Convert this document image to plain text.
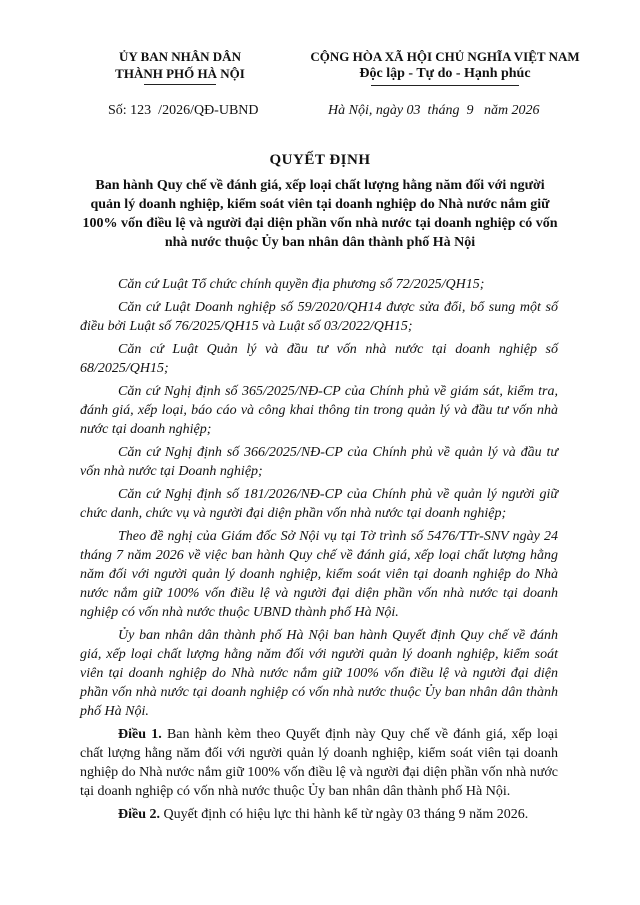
ỦY BAN NHÂN DÂN
THÀNH PHỐ HÀ NỘI
CỘNG HÒA XÃ HỘI CHỦ NGHĨA VIỆT NAM
Độc lập - Tự do - Hạnh phúc
Số: 123  /2026/QĐ-UBND	Hà Nội, ngày 03  tháng  9   năm 2026
QUYẾT ĐỊNH
Ban hành Quy chế về đánh giá, xếp loại chất lượng hằng năm đối với người quản lý doanh nghiệp, kiểm soát viên tại doanh nghiệp do Nhà nước nắm giữ 100% vốn điều lệ và người đại diện phần vốn nhà nước tại doanh nghiệp có vốn nhà nước thuộc Ủy ban nhân dân thành phố Hà Nội

Căn cứ Luật Tổ chức chính quyền địa phương số 72/2025/QH15;

Căn cứ Luật Doanh nghiệp số 59/2020/QH14 được sửa đổi, bổ sung một số điều bởi Luật số 76/2025/QH15 và Luật số 03/2022/QH15;

Căn cứ Luật Quản lý và đầu tư vốn nhà nước tại doanh nghiệp số 68/2025/QH15;

Căn cứ Nghị định số 365/2025/NĐ-CP của Chính phủ về giám sát, kiểm tra, đánh giá, xếp loại, báo cáo và công khai thông tin trong quản lý và đầu tư vốn nhà nước tại doanh nghiệp;

Căn cứ Nghị định số 366/2025/NĐ-CP của Chính phủ về quản lý và đầu tư vốn nhà nước tại Doanh nghiệp;

Căn cứ Nghị định số 181/2026/NĐ-CP của Chính phủ về quản lý người giữ chức danh, chức vụ và người đại diện phần vốn nhà nước tại doanh nghiệp;

Theo đề nghị của Giám đốc Sở Nội vụ tại Tờ trình số 5476/TTr-SNV ngày 24 tháng 7 năm 2026 về việc ban hành Quy chế về đánh giá, xếp loại chất lượng hằng năm đối với người quản lý doanh nghiệp, kiểm soát viên tại doanh nghiệp do Nhà nước nắm giữ 100% vốn điều lệ và người đại diện phần vốn nhà nước tại doanh nghiệp có vốn nhà nước thuộc UBND thành phố Hà Nội.

Ủy ban nhân dân thành phố Hà Nội ban hành Quyết định Quy chế về đánh giá, xếp loại chất lượng hằng năm đối với người quản lý doanh nghiệp, kiểm soát viên tại doanh nghiệp do Nhà nước nắm giữ 100% vốn điều lệ và người đại diện phần vốn nhà nước tại doanh nghiệp có vốn nhà nước thuộc Ủy ban nhân dân thành phố Hà Nội.

Điều 1. Ban hành kèm theo Quyết định này Quy chế về đánh giá, xếp loại chất lượng hằng năm đối với người quản lý doanh nghiệp, kiểm soát viên tại doanh nghiệp do Nhà nước nắm giữ 100% vốn điều lệ và người đại diện phần vốn nhà nước tại doanh nghiệp có vốn nhà nước thuộc Ủy ban nhân dân thành phố Hà Nội.

Điều 2. Quyết định có hiệu lực thi hành kể từ ngày 03 tháng 9 năm 2026.
